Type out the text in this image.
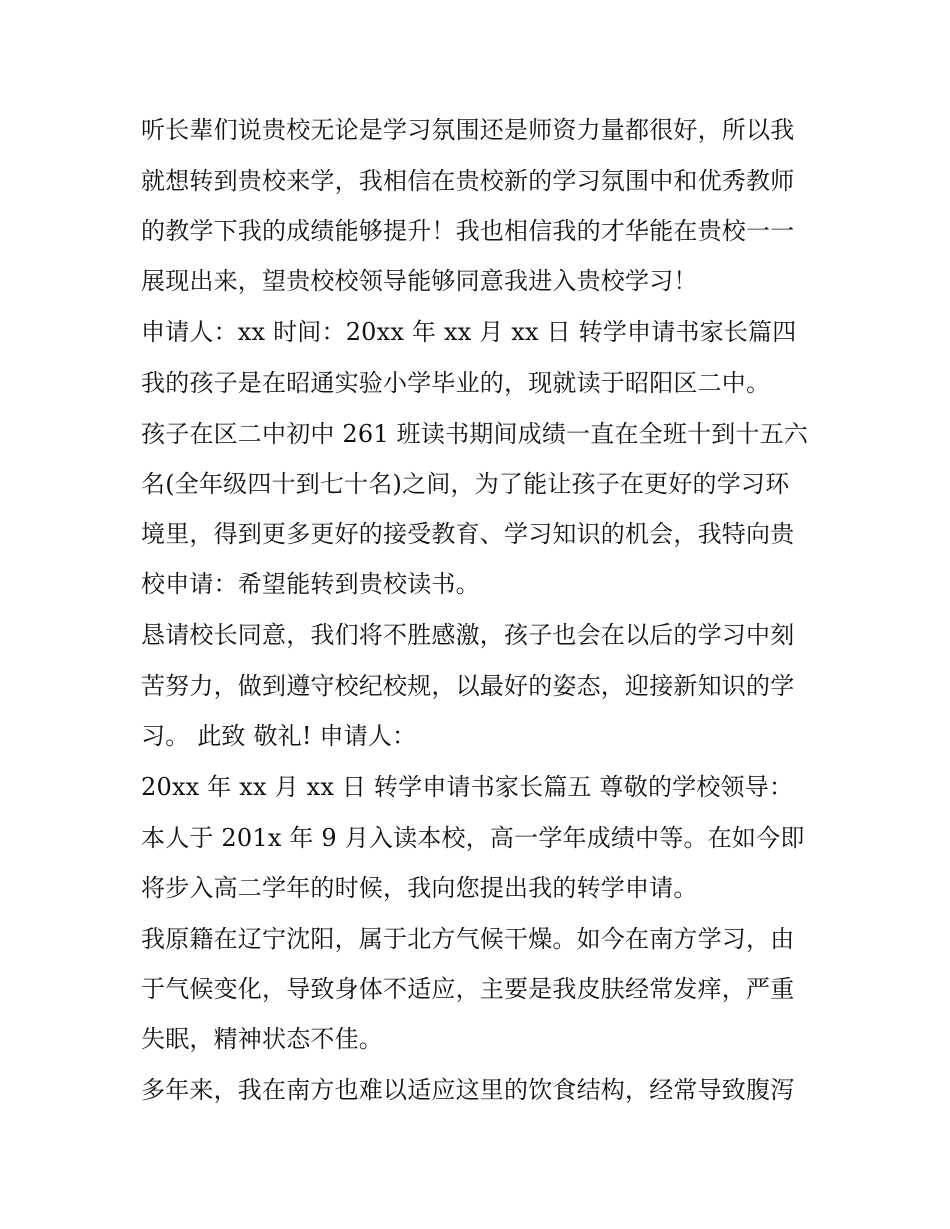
听长辈们说贵校无论是学习氛围还是师资力量都很好，所以我
就想转到贵校来学，我相信在贵校新的学习氛围中和优秀教师
的教学下我的成绩能够提升！我也相信我的才华能在贵校一一
展现出来，望贵校校领导能够同意我进入贵校学习！
申请人：xx 时间：20xx 年 xx 月 xx 日 转学申请书家长篇四
我的孩子是在昭通实验小学毕业的，现就读于昭阳区二中。
孩子在区二中初中 261 班读书期间成绩一直在全班十到十五六
名(全年级四十到七十名)之间，为了能让孩子在更好的学习环
境里，得到更多更好的接受教育、学习知识的机会，我特向贵
校申请：希望能转到贵校读书。
恳请校长同意，我们将不胜感激，孩子也会在以后的学习中刻
苦努力，做到遵守校纪校规，以最好的姿态，迎接新知识的学
习。 此致 敬礼! 申请人：
20xx 年 xx 月 xx 日 转学申请书家长篇五 尊敬的学校领导：
本人于 201x 年 9 月入读本校，高一学年成绩中等。在如今即
将步入高二学年的时候，我向您提出我的转学申请。
我原籍在辽宁沈阳，属于北方气候干燥。如今在南方学习，由
于气候变化，导致身体不适应，主要是我皮肤经常发痒，严重
失眠，精神状态不佳。
多年来，我在南方也难以适应这里的饮食结构，经常导致腹泻
